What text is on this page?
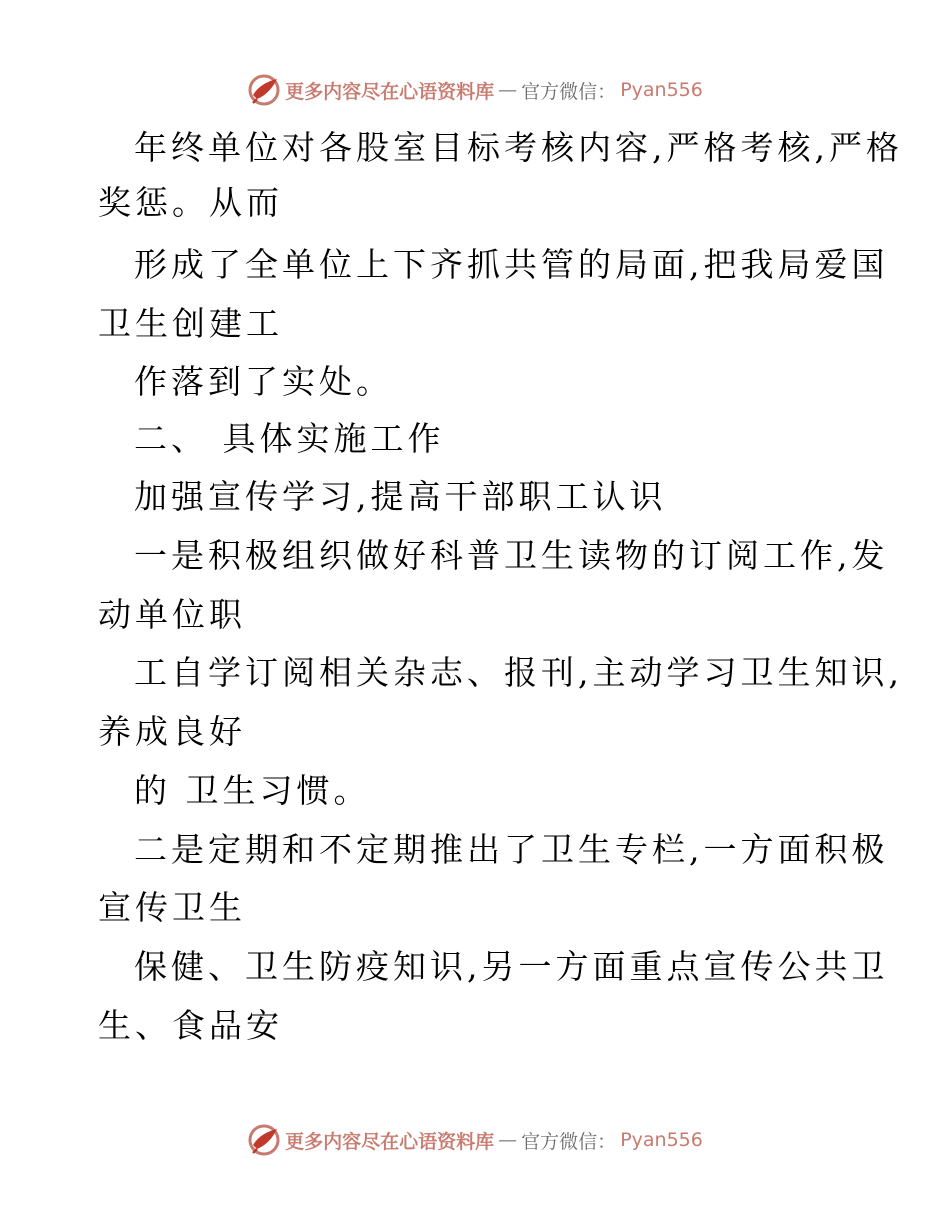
更多内容尽在心语资料库 — 官方微信： Pyan556
年终单位对各股室目标考核内容,严格考核,严格
奖惩。从而
形成了全单位上下齐抓共管的局面,把我局爱国
卫生创建工
作落到了实处。
二、 具体实施工作
加强宣传学习,提高干部职工认识
一是积极组织做好科普卫生读物的订阅工作,发
动单位职
工自学订阅相关杂志、报刊,主动学习卫生知识,
养成良好
的 卫生习惯。
二是定期和不定期推出了卫生专栏,一方面积极
宣传卫生
保健、卫生防疫知识,另一方面重点宣传公共卫
生、食品安
更多内容尽在心语资料库 — 官方微信： Pyan556
